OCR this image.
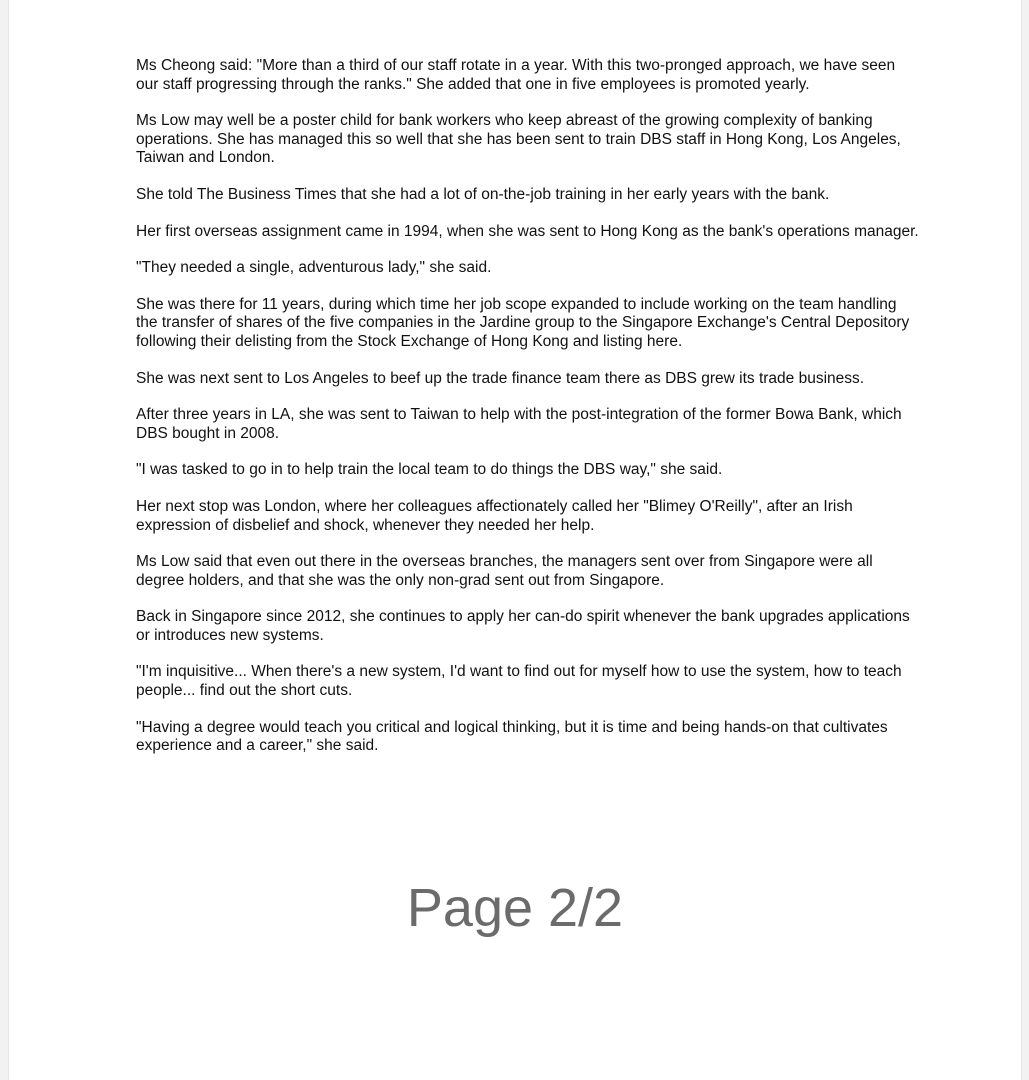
Ms Cheong said: "More than a third of our staff rotate in a year. With this two-pronged approach, we have seen our staff progressing through the ranks." She added that one in five employees is promoted yearly.

Ms Low may well be a poster child for bank workers who keep abreast of the growing complexity of banking operations. She has managed this so well that she has been sent to train DBS staff in Hong Kong, Los Angeles, Taiwan and London.

She told The Business Times that she had a lot of on-the-job training in her early years with the bank.

Her first overseas assignment came in 1994, when she was sent to Hong Kong as the bank's operations manager.

"They needed a single, adventurous lady," she said.

She was there for 11 years, during which time her job scope expanded to include working on the team handling the transfer of shares of the five companies in the Jardine group to the Singapore Exchange's Central Depository following their delisting from the Stock Exchange of Hong Kong and listing here.

She was next sent to Los Angeles to beef up the trade finance team there as DBS grew its trade business.

After three years in LA, she was sent to Taiwan to help with the post-integration of the former Bowa Bank, which DBS bought in 2008.

"I was tasked to go in to help train the local team to do things the DBS way," she said.

Her next stop was London, where her colleagues affectionately called her "Blimey O'Reilly", after an Irish expression of disbelief and shock, whenever they needed her help.

Ms Low said that even out there in the overseas branches, the managers sent over from Singapore were all degree holders, and that she was the only non-grad sent out from Singapore.

Back in Singapore since 2012, she continues to apply her can-do spirit whenever the bank upgrades applications or introduces new systems.

"I'm inquisitive... When there's a new system, I'd want to find out for myself how to use the system, how to teach people... find out the short cuts.

"Having a degree would teach you critical and logical thinking, but it is time and being hands-on that cultivates experience and a career," she said.

Page 2/2
